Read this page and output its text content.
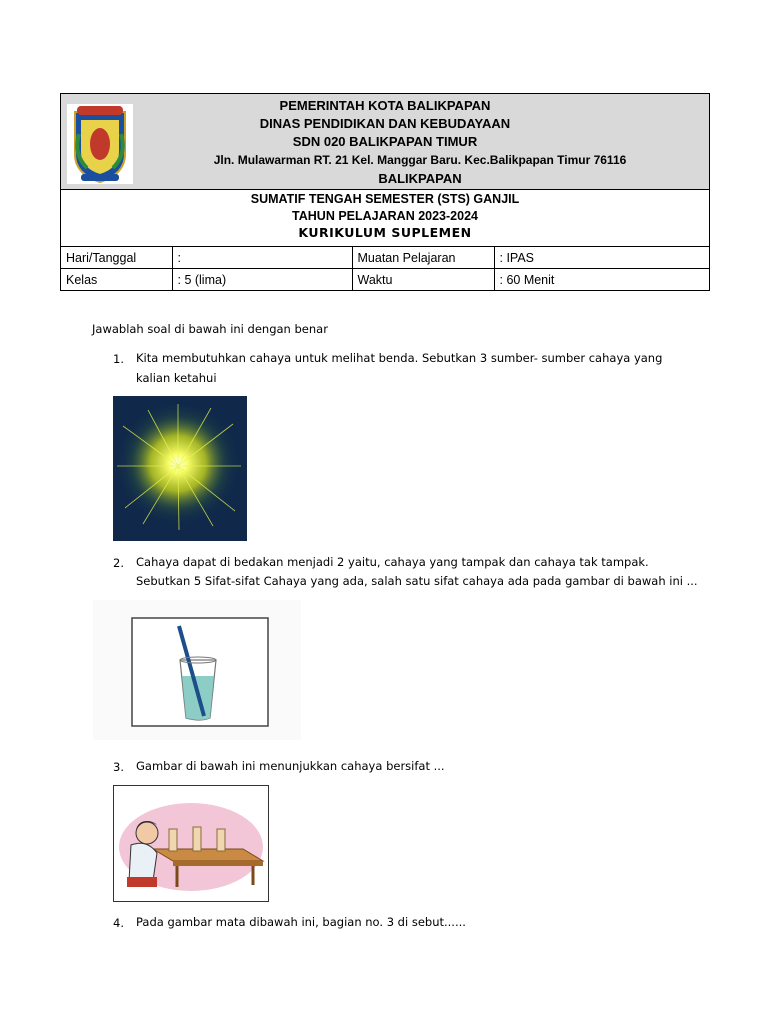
PEMERINTAH KOTA BALIKPAPAN
DINAS PENDIDIKAN DAN KEBUDAYAAN
SDN 020 BALIKPAPAN TIMUR
Jln. Mulawarman RT. 21 Kel. Manggar Baru. Kec.Balikpapan Timur 76116
BALIKPAPAN
SUMATIF TENGAH SEMESTER (STS) GANJIL
TAHUN PELAJARAN 2023-2024
KURIKULUM SUPLEMEN
Hari/Tanggal	:	Muatan Pelajaran	: IPAS
Kelas	: 5 (lima)	Waktu	: 60 Menit
Jawablah soal di bawah ini dengan benar
1. Kita membutuhkan cahaya untuk melihat benda. Sebutkan 3 sumber- sumber cahaya yang
kalian ketahui
2. Cahaya dapat di bedakan menjadi 2 yaitu, cahaya yang tampak dan cahaya tak tampak.
Sebutkan 5 Sifat-sifat Cahaya yang ada, salah satu sifat cahaya ada pada gambar di bawah ini ...
3. Gambar di bawah ini menunjukkan cahaya bersifat ...
4. Pada gambar mata dibawah ini, bagian no. 3 di sebut......
